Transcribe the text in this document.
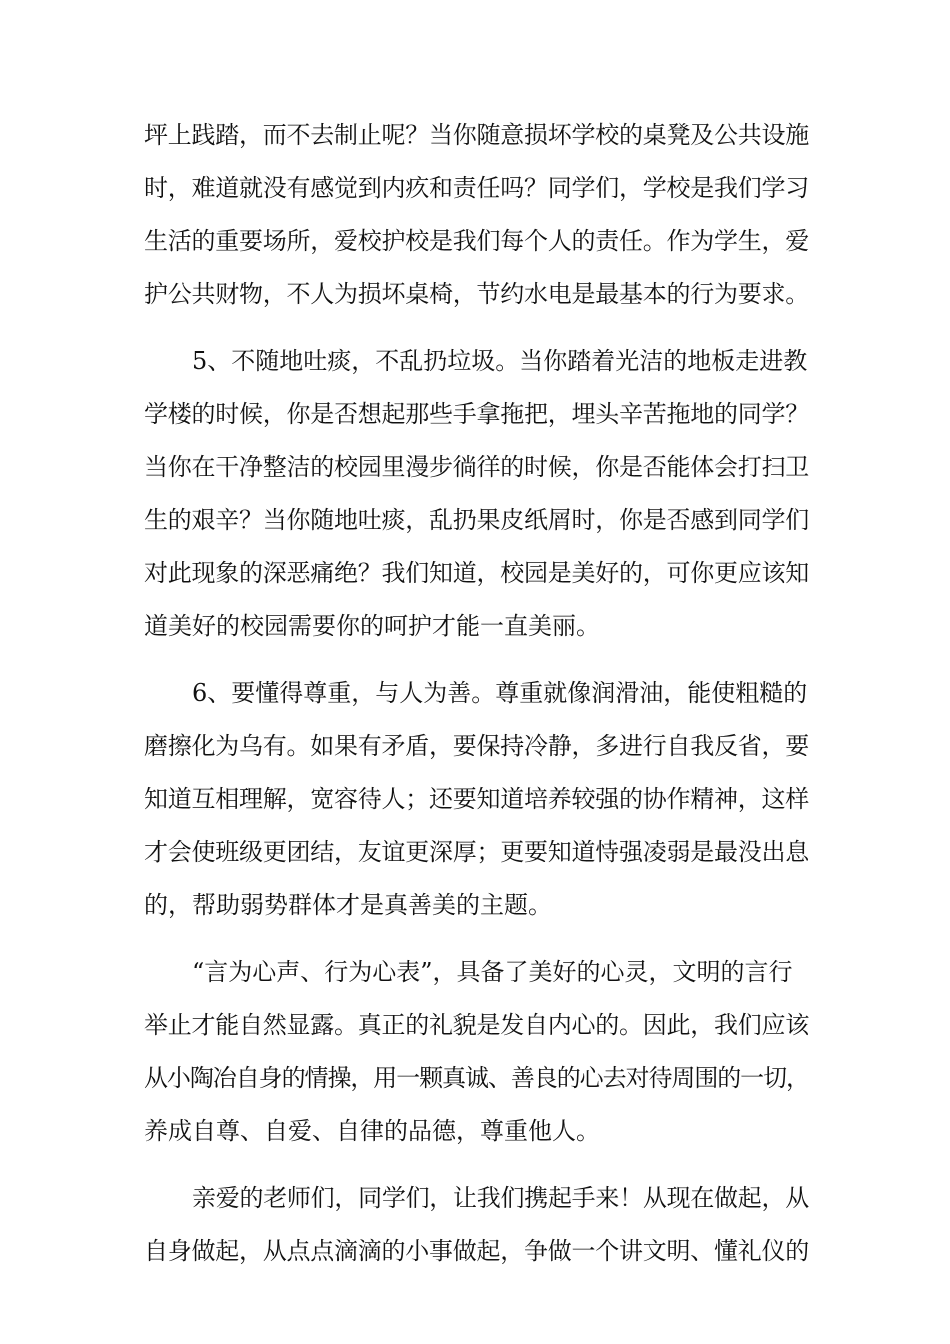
坪上践踏，而不去制止呢？当你随意损坏学校的桌凳及公共设施
时，难道就没有感觉到内疚和责任吗？同学们，学校是我们学习
生活的重要场所，爱校护校是我们每个人的责任。作为学生，爱
护公共财物，不人为损坏桌椅，节约水电是最基本的行为要求。
5、不随地吐痰，不乱扔垃圾。当你踏着光洁的地板走进教
学楼的时候，你是否想起那些手拿拖把，埋头辛苦拖地的同学？
当你在干净整洁的校园里漫步徜徉的时候，你是否能体会打扫卫
生的艰辛？当你随地吐痰，乱扔果皮纸屑时，你是否感到同学们
对此现象的深恶痛绝？我们知道，校园是美好的，可你更应该知
道美好的校园需要你的呵护才能一直美丽。
6、要懂得尊重，与人为善。尊重就像润滑油，能使粗糙的
磨擦化为乌有。如果有矛盾，要保持冷静，多进行自我反省，要
知道互相理解，宽容待人；还要知道培养较强的协作精神，这样
才会使班级更团结，友谊更深厚；更要知道恃强凌弱是最没出息
的，帮助弱势群体才是真善美的主题。
“言为心声、行为心表”，具备了美好的心灵，文明的言行
举止才能自然显露。真正的礼貌是发自内心的。因此，我们应该
从小陶冶自身的情操，用一颗真诚、善良的心去对待周围的一切，
养成自尊、自爱、自律的品德，尊重他人。
亲爱的老师们，同学们，让我们携起手来！从现在做起，从
自身做起，从点点滴滴的小事做起，争做一个讲文明、懂礼仪的
